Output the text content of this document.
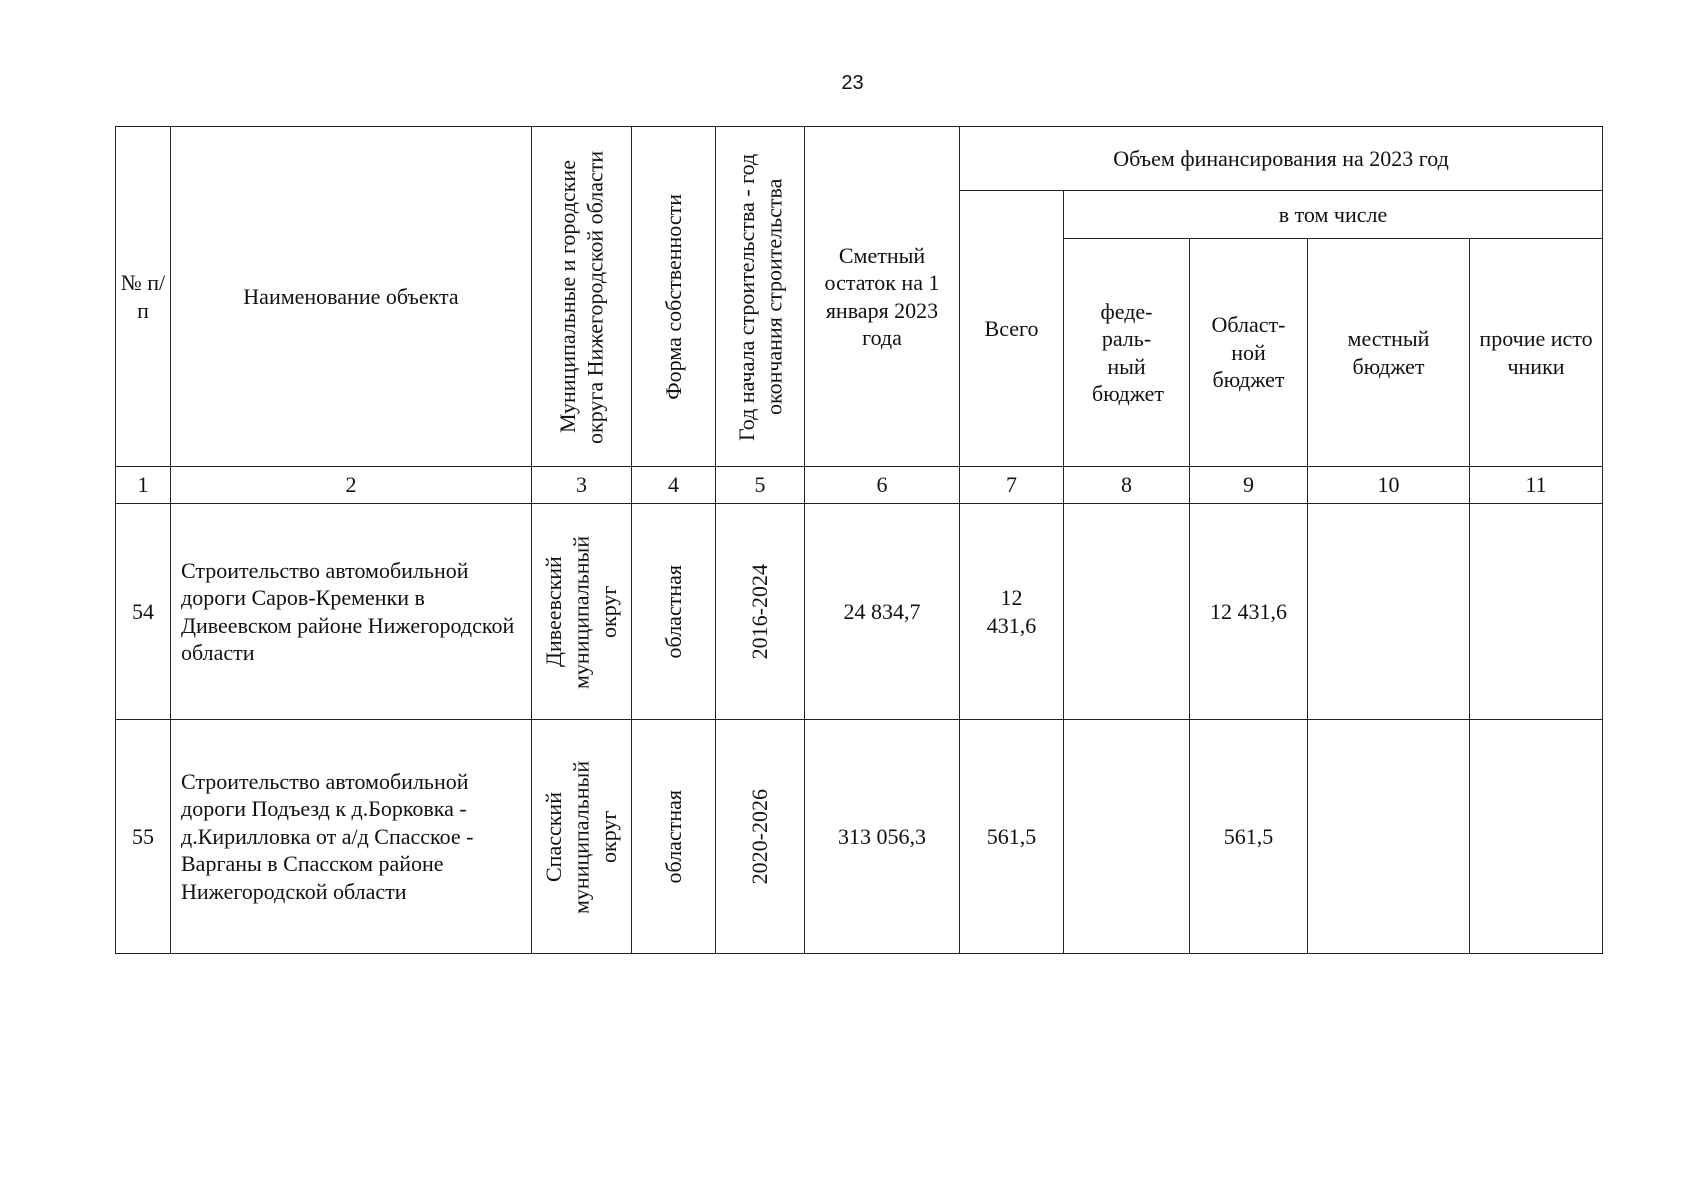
23
№ п/п	Наименование объекта	Муниципальные и городские округа Нижегородской области	Форма собственности	Год начала строительства - год окончания строительства	Сметный остаток на 1 января 2023 года	Объем финансирования на 2023 год				
						Всего	в том числе			
							феде-раль-ный бюджет	Област-ной бюджет	местный бюджет	прочие источники
1	2	3	4	5	6	7	8	9	10	11
54	Строительство автомобильной дороги Саров-Кременки в Дивеевском районе Нижегородской области	Дивеевский муниципальный округ	областная	2016-2024	24 834,7	12 431,6		12 431,6		
55	Строительство автомобильной дороги Подъезд к д.Борковка - д.Кирилловка от а/д Спасское - Варганы в Спасском районе Нижегородской области	Спасский муниципальный округ	областная	2020-2026	313 056,3	561,5		561,5		
